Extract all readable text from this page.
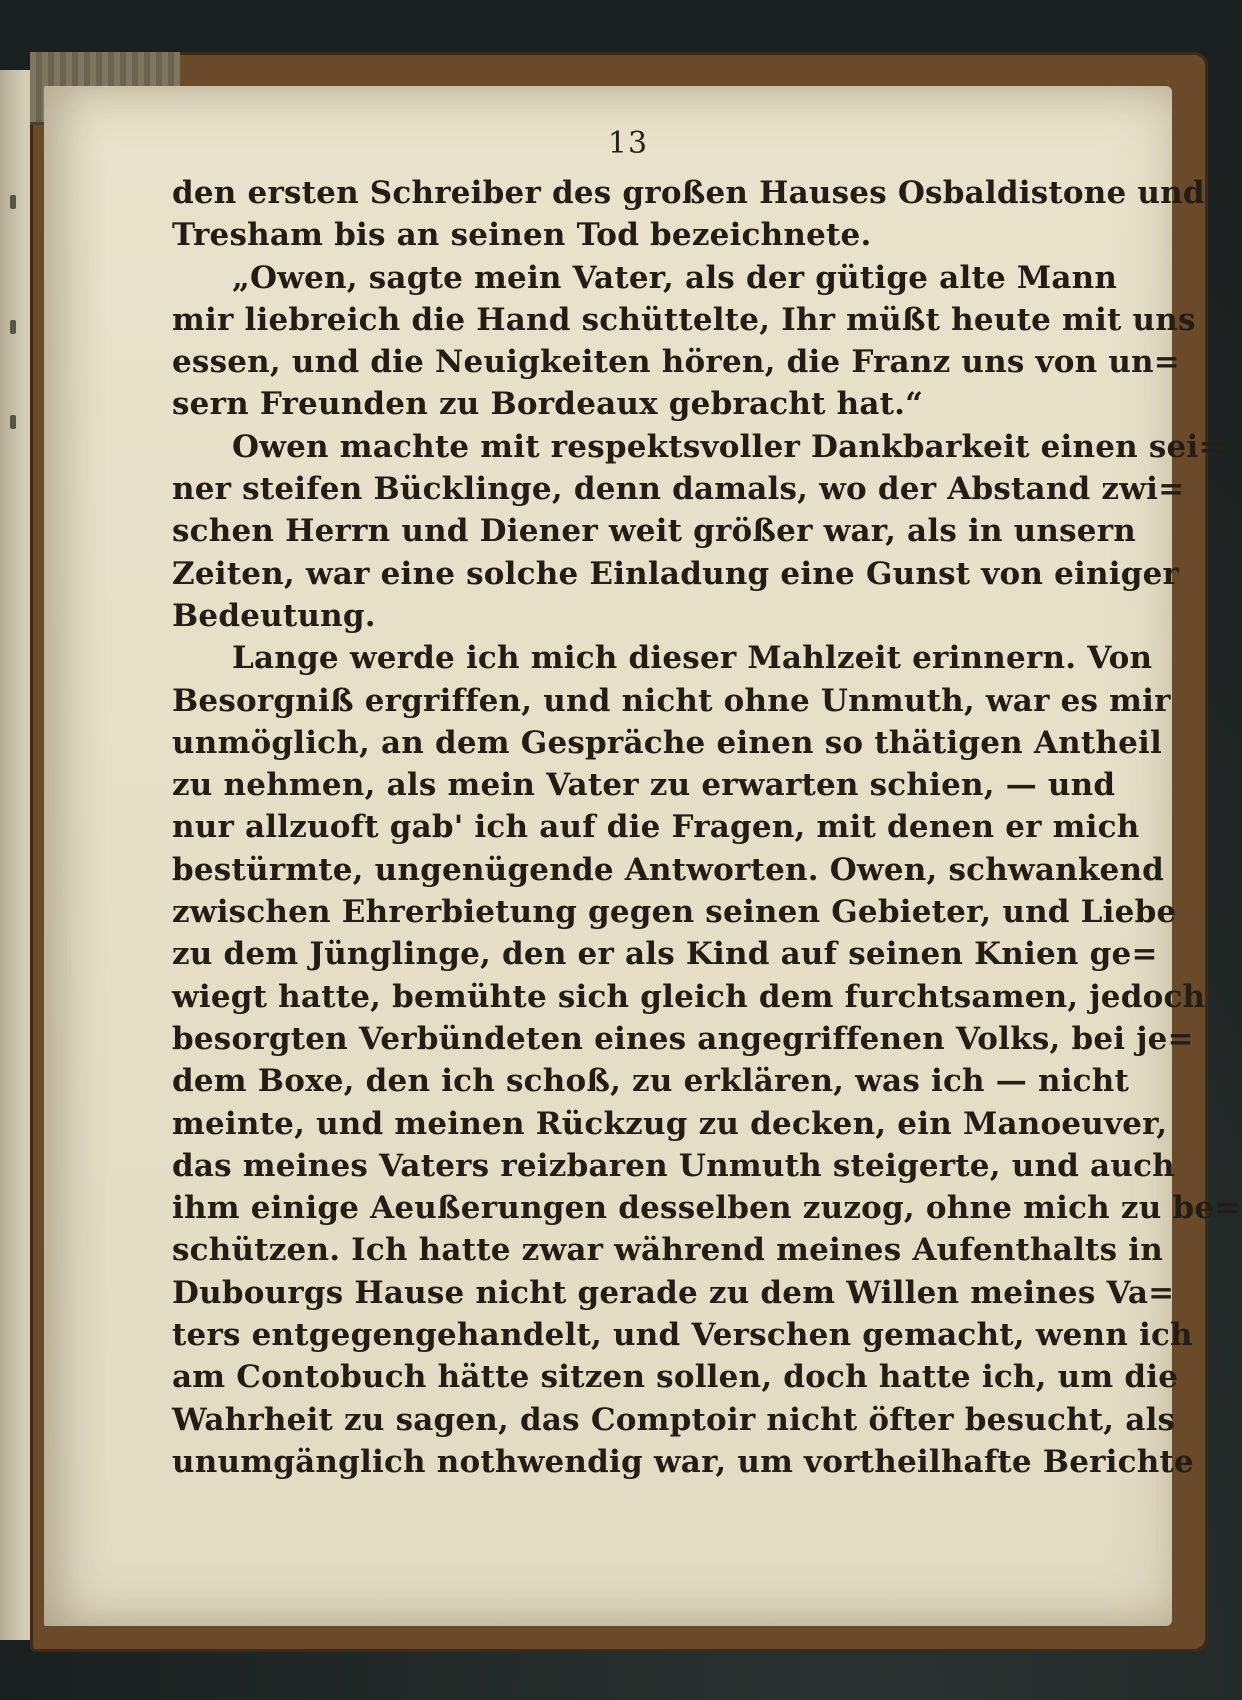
13
den ersten Schreiber des großen Hauses Osbaldistone und
Tresham bis an seinen Tod bezeichnete.
„Owen, sagte mein Vater, als der gütige alte Mann
mir liebreich die Hand schüttelte, Ihr müßt heute mit uns
essen, und die Neuigkeiten hören, die Franz uns von un=
sern Freunden zu Bordeaux gebracht hat.“
Owen machte mit respektsvoller Dankbarkeit einen sei=
ner steifen Bücklinge, denn damals, wo der Abstand zwi=
schen Herrn und Diener weit größer war, als in unsern
Zeiten, war eine solche Einladung eine Gunst von einiger
Bedeutung.
Lange werde ich mich dieser Mahlzeit erinnern. Von
Besorgniß ergriffen, und nicht ohne Unmuth, war es mir
unmöglich, an dem Gespräche einen so thätigen Antheil
zu nehmen, als mein Vater zu erwarten schien, — und
nur allzuoft gab' ich auf die Fragen, mit denen er mich
bestürmte, ungenügende Antworten. Owen, schwankend
zwischen Ehrerbietung gegen seinen Gebieter, und Liebe
zu dem Jünglinge, den er als Kind auf seinen Knien ge=
wiegt hatte, bemühte sich gleich dem furchtsamen, jedoch
besorgten Verbündeten eines angegriffenen Volks, bei je=
dem Boxe, den ich schoß, zu erklären, was ich — nicht
meinte, und meinen Rückzug zu decken, ein Manoeuver,
das meines Vaters reizbaren Unmuth steigerte, und auch
ihm einige Aeußerungen desselben zuzog, ohne mich zu be=
schützen. Ich hatte zwar während meines Aufenthalts in
Dubourgs Hause nicht gerade zu dem Willen meines Va=
ters entgegengehandelt, und Verschen gemacht, wenn ich
am Contobuch hätte sitzen sollen, doch hatte ich, um die
Wahrheit zu sagen, das Comptoir nicht öfter besucht, als
unumgänglich nothwendig war, um vortheilhafte Berichte
